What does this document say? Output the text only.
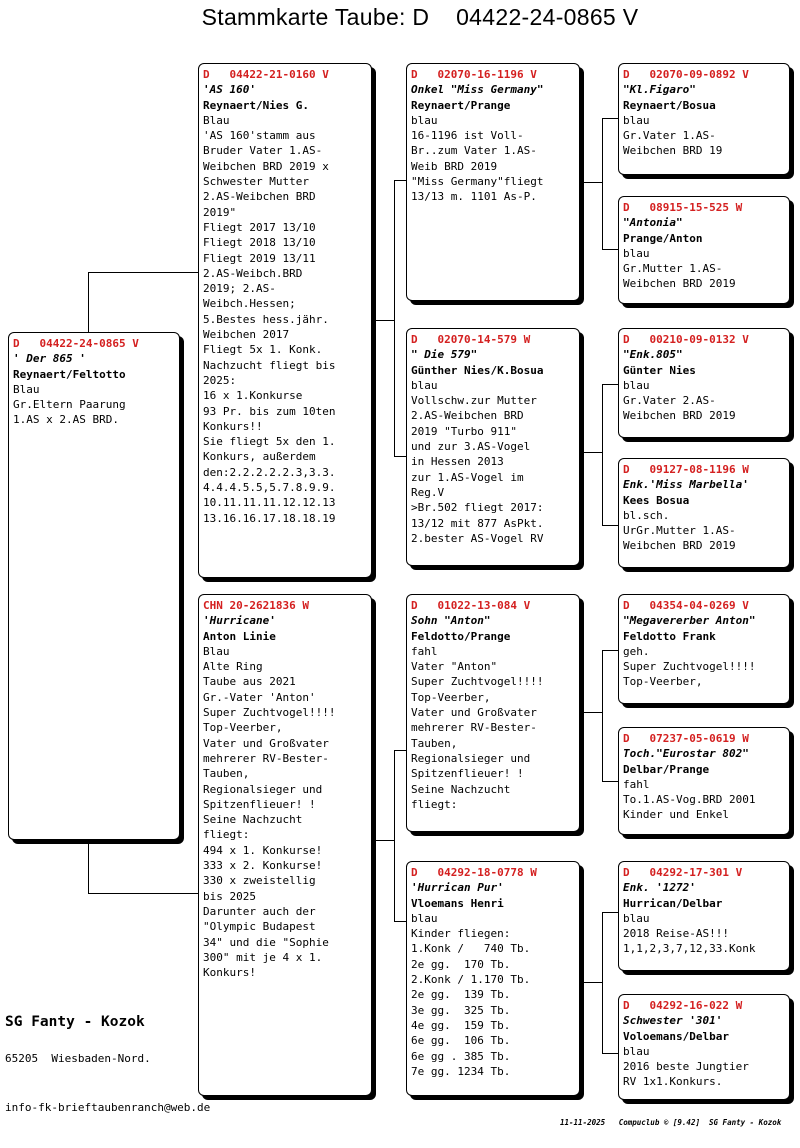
Stammkarte Taube: D    04422-24-0865 V
D   04422-24-0865 V
' Der 865 '
Reynaert/Feltotto
Blau
Gr.Eltern Paarung
1.AS x 2.AS BRD.
D   04422-21-0160 V
'AS 160'
Reynaert/Nies G.
Blau
'AS 160'stamm aus
Bruder Vater 1.AS-
Weibchen BRD 2019 x
Schwester Mutter
2.AS-Weibchen BRD
2019"
Fliegt 2017 13/10
Fliegt 2018 13/10
Fliegt 2019 13/11
2.AS-Weibch.BRD
2019; 2.AS-
Weibch.Hessen;
5.Bestes hess.jähr.
Weibchen 2017
Fliegt 5x 1. Konk.
Nachzucht fliegt bis
2025:
16 x 1.Konkurse
93 Pr. bis zum 10ten
Konkurs!!
Sie fliegt 5x den 1.
Konkurs, außerdem
den:2.2.2.2.2.3,3.3.
4.4.4.5.5,5.7.8.9.9.
10.11.11.11.12.12.13
13.16.16.17.18.18.19
CHN 20-2621836 W
'Hurricane'
Anton Linie
Blau
Alte Ring
Taube aus 2021
Gr.-Vater 'Anton'
Super Zuchtvogel!!!!
Top-Veerber,
Vater und Großvater
mehrerer RV-Bester-
Tauben,
Regionalsieger und
Spitzenflieuer! !
Seine Nachzucht
fliegt:
494 x 1. Konkurse!
333 x 2. Konkurse!
330 x zweistellig
bis 2025
Darunter auch der
"Olympic Budapest
34" und die "Sophie
300" mit je 4 x 1.
Konkurs!
D   02070-16-1196 V
Onkel "Miss Germany"
Reynaert/Prange
blau
16-1196 ist Voll-
Br..zum Vater 1.AS-
Weib BRD 2019
"Miss Germany"fliegt
13/13 m. 1101 As-P.
D   02070-14-579 W
" Die 579"
Günther Nies/K.Bosua
blau
Vollschw.zur Mutter
2.AS-Weibchen BRD
2019 "Turbo 911"
und zur 3.AS-Vogel
in Hessen 2013
zur 1.AS-Vogel im
Reg.V
>Br.502 fliegt 2017:
13/12 mit 877 AsPkt.
2.bester AS-Vogel RV
D   01022-13-084 V
Sohn "Anton"
Feldotto/Prange
fahl
Vater "Anton"
Super Zuchtvogel!!!!
Top-Veerber,
Vater und Großvater
mehrerer RV-Bester-
Tauben,
Regionalsieger und
Spitzenflieuer! !
Seine Nachzucht
fliegt:
D   04292-18-0778 W
'Hurrican Pur'
Vloemans Henri
blau
Kinder fliegen:
1.Konk /   740 Tb.
2e gg.  170 Tb.
2.Konk / 1.170 Tb.
2e gg.  139 Tb.
3e gg.  325 Tb.
4e gg.  159 Tb.
6e gg.  106 Tb.
6e gg . 385 Tb.
7e gg. 1234 Tb.
D   02070-09-0892 V
"Kl.Figaro"
Reynaert/Bosua
blau
Gr.Vater 1.AS-
Weibchen BRD 19
D   08915-15-525 W
"Antonia"
Prange/Anton
blau
Gr.Mutter 1.AS-
Weibchen BRD 2019
D   00210-09-0132 V
"Enk.805"
Günter Nies
blau
Gr.Vater 2.AS-
Weibchen BRD 2019
D   09127-08-1196 W
Enk.'Miss Marbella'
Kees Bosua
bl.sch.
UrGr.Mutter 1.AS-
Weibchen BRD 2019
D   04354-04-0269 V
"Megavererber Anton"
Feldotto Frank
geh.
Super Zuchtvogel!!!!
Top-Veerber,
D   07237-05-0619 W
Toch."Eurostar 802"
Delbar/Prange
fahl
To.1.AS-Vog.BRD 2001
Kinder und Enkel
D   04292-17-301 V
Enk. '1272'
Hurrican/Delbar
blau
2018 Reise-AS!!!
1,1,2,3,7,12,33.Konk
D   04292-16-022 W
Schwester '301'
Voloemans/Delbar
blau
2016 beste Jungtier
RV 1x1.Konkurs.
SG Fanty - Kozok
65205  Wiesbaden-Nord.
info-fk-brieftaubenranch@web.de
11-11-2025   Compuclub © [9.42]  SG Fanty - Kozok
